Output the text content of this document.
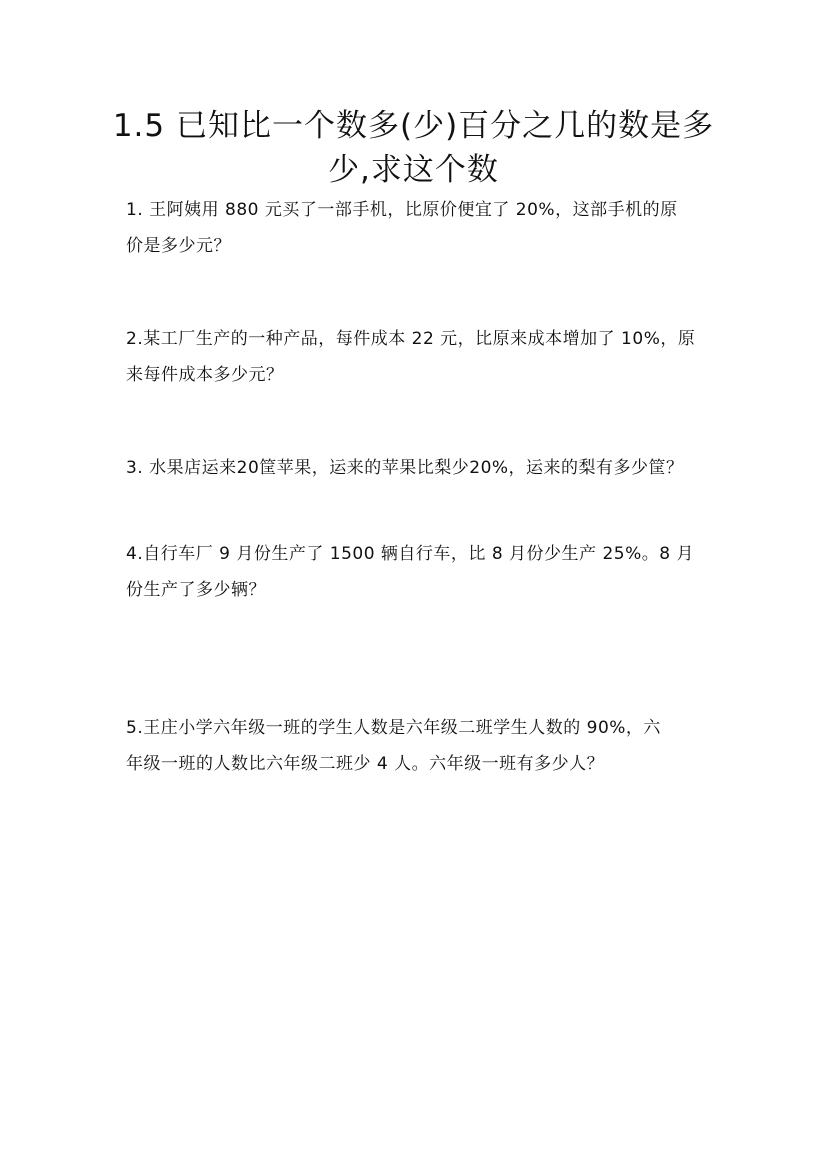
1.5 已知比一个数多(少)百分之几的数是多
少,求这个数
1. 王阿姨用 880 元买了一部手机，比原价便宜了 20%，这部手机的原
价是多少元？
2.某工厂生产的一种产品，每件成本 22 元，比原来成本增加了 10%，原
来每件成本多少元？
3. 水果店运来20筐苹果，运来的苹果比梨少20%，运来的梨有多少筐？
4.自行车厂 9 月份生产了 1500 辆自行车，比 8 月份少生产 25%。8 月
份生产了多少辆？
5.王庄小学六年级一班的学生人数是六年级二班学生人数的 90%，六
年级一班的人数比六年级二班少 4 人。六年级一班有多少人？
